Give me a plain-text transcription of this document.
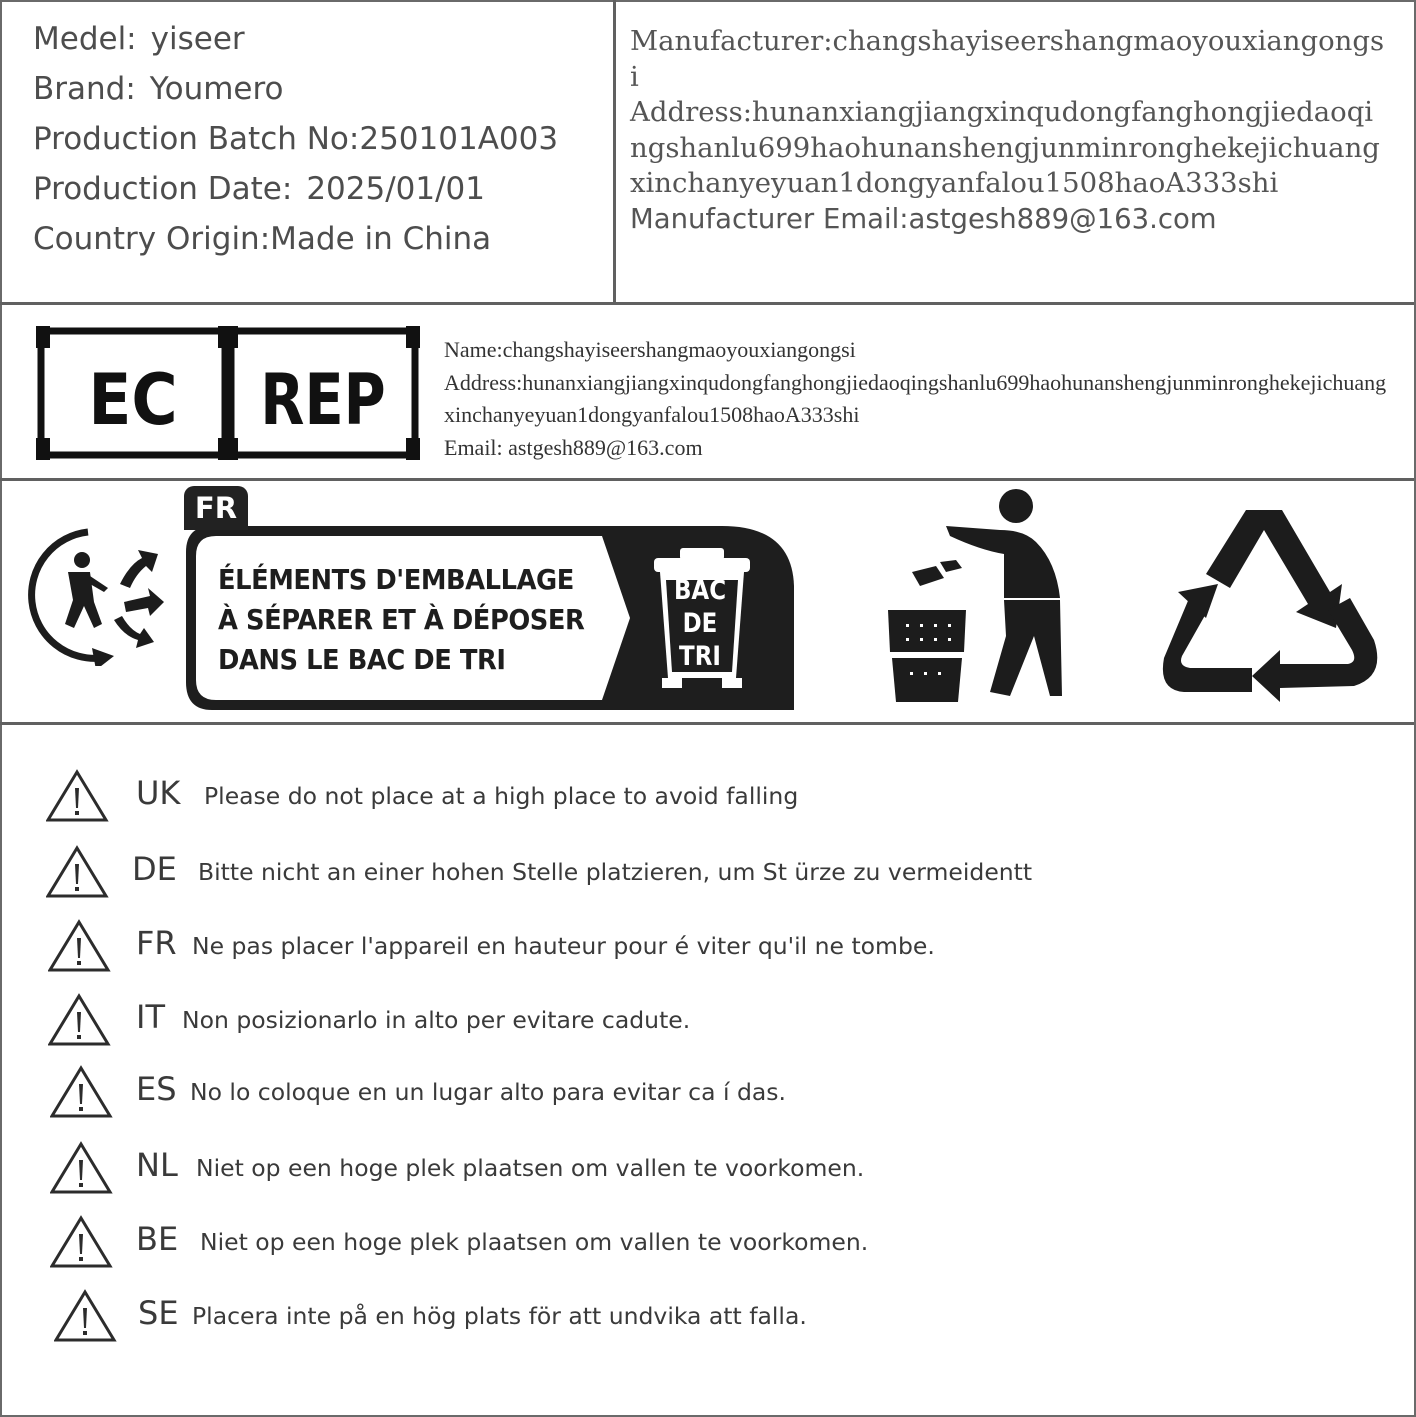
Medel: yiseer
Brand: Youmero
Production Batch No:250101A003
Production Date: 2025/01/01
Country Origin:Made in China
Manufacturer:changshayiseershangmaoyouxiangongsi
Address:hunanxiangjiangxinqudongfanghongjiedaoqingshanlu699haohunanshengjunminronghekejichuangxinchanyeyuan1dongyanfalou1508haoA333shi
Manufacturer Email:astgesh889@163.com
EC REP
Name:changshayiseershangmaoyouxiangongsi
Address:hunanxiangjiangxinqudongfanghongjiedaoqingshanlu699haohunanshengjunminronghekejichuangxinchanyeyuan1dongyanfalou1508haoA333shi
Email: astgesh889@163.com
FR
ÉLÉMENTS D'EMBALLAGE
À SÉPARER ET À DÉPOSER
DANS LE BAC DE TRI
BAC
DE
TRI
UK Please do not place at a high place to avoid falling
DE Bitte nicht an einer hohen Stelle platzieren, um St ürze zu vermeidentt
FR Ne pas placer l'appareil en hauteur pour é viter qu'il ne tombe.
IT Non posizionarlo in alto per evitare cadute.
ES No lo coloque en un lugar alto para evitar ca í das.
NL Niet op een hoge plek plaatsen om vallen te voorkomen.
BE Niet op een hoge plek plaatsen om vallen te voorkomen.
SE Placera inte på en hög plats för att undvika att falla.
